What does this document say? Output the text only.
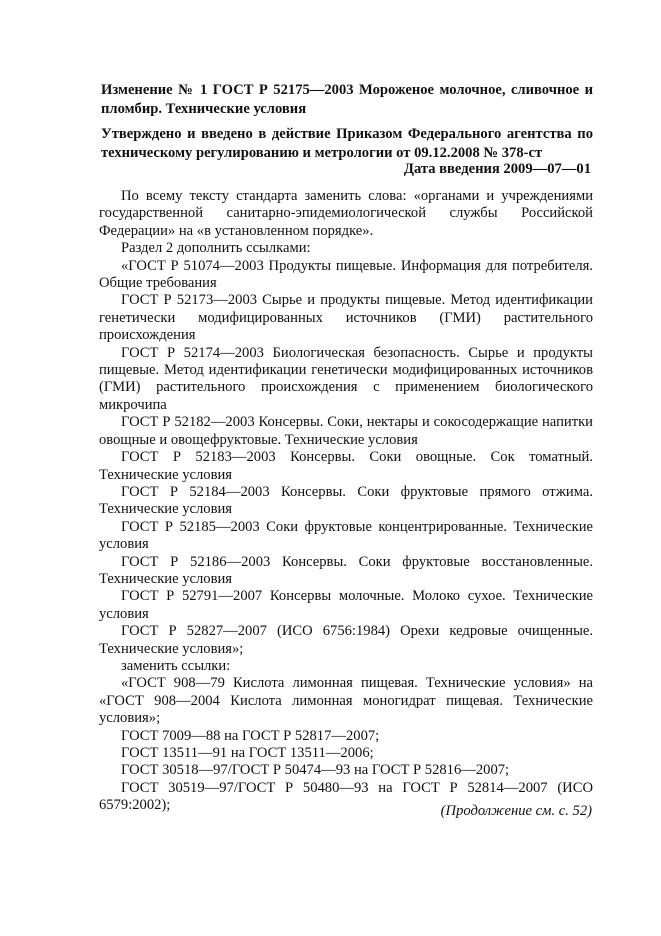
Изменение № 1 ГОСТ Р 52175—2003 Мороженое молочное, сливочное и пломбир. Технические условия
Утверждено и введено в действие Приказом Федерального агентства по техническому регулированию и метрологии от 09.12.2008 № 378-ст
Дата введения 2009—07—01

По всему тексту стандарта заменить слова: «органами и учреждениями государственной санитарно-эпидемиологической службы Российской Федерации» на «в установленном порядке».

Раздел 2 дополнить ссылками:

«ГОСТ Р 51074—2003 Продукты пищевые. Информация для потребителя. Общие требования

ГОСТ Р 52173—2003 Сырье и продукты пищевые. Метод идентификации генетически модифицированных источников (ГМИ) растительного происхождения

ГОСТ Р 52174—2003 Биологическая безопасность. Сырье и продукты пищевые. Метод идентификации генетически модифицированных источников (ГМИ) растительного происхождения с применением биологического микрочипа

ГОСТ Р 52182—2003 Консервы. Соки, нектары и сокосодержащие напитки овощные и овощефруктовые. Технические условия

ГОСТ Р 52183—2003 Консервы. Соки овощные. Сок томатный. Технические условия

ГОСТ Р 52184—2003 Консервы. Соки фруктовые прямого отжима. Технические условия

ГОСТ Р 52185—2003 Соки фруктовые концентрированные. Технические условия

ГОСТ Р 52186—2003 Консервы. Соки фруктовые восстановленные. Технические условия

ГОСТ Р 52791—2007 Консервы молочные. Молоко сухое. Технические условия

ГОСТ Р 52827—2007 (ИСО 6756:1984) Орехи кедровые очищенные. Технические условия»;

заменить ссылки:

«ГОСТ 908—79 Кислота лимонная пищевая. Технические условия» на «ГОСТ 908—2004 Кислота лимонная моногидрат пищевая. Технические условия»;

ГОСТ 7009—88 на ГОСТ Р 52817—2007;

ГОСТ 13511—91 на ГОСТ 13511—2006;

ГОСТ 30518—97/ГОСТ Р 50474—93 на ГОСТ Р 52816—2007;

ГОСТ 30519—97/ГОСТ Р 50480—93 на ГОСТ Р 52814—2007 (ИСО 6579:2002);	(Продолжение см. с. 52)
